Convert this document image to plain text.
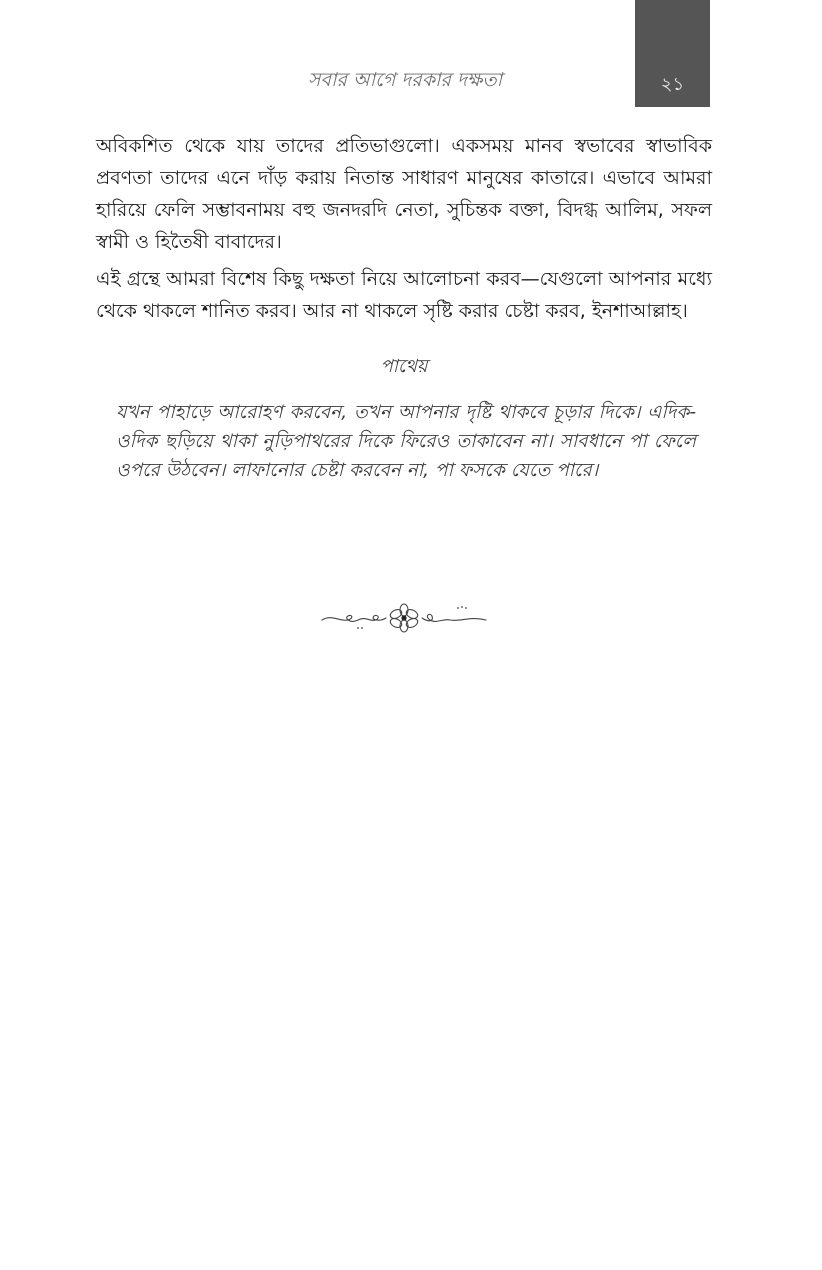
সবার আগে দরকার দক্ষতা	২১

অবিকশিত থেকে যায় তাদের প্রতিভাগুলো। একসময় মানব স্বভাবের স্বাভাবিক প্রবণতা তাদের এনে দাঁড় করায় নিতান্ত সাধারণ মানুষের কাতারে। এভাবে আমরা হারিয়ে ফেলি সম্ভাবনাময় বহু জনদরদি নেতা, সুচিন্তক বক্তা, বিদগ্ধ আলিম, সফল স্বামী ও হিতৈষী বাবাদের।

এই গ্রন্থে আমরা বিশেষ কিছু দক্ষতা নিয়ে আলোচনা করব—যেগুলো আপনার মধ্যে থেকে থাকলে শানিত করব। আর না থাকলে সৃষ্টি করার চেষ্টা করব, ইনশাআল্লাহ।

পাথেয়

যখন পাহাড়ে আরোহণ করবেন, তখন আপনার দৃষ্টি থাকবে চূড়ার দিকে। এদিক-ওদিক ছড়িয়ে থাকা নুড়িপাথরের দিকে ফিরেও তাকাবেন না। সাবধানে পা ফেলে ওপরে উঠবেন। লাফানোর চেষ্টা করবেন না, পা ফসকে যেতে পারে।
